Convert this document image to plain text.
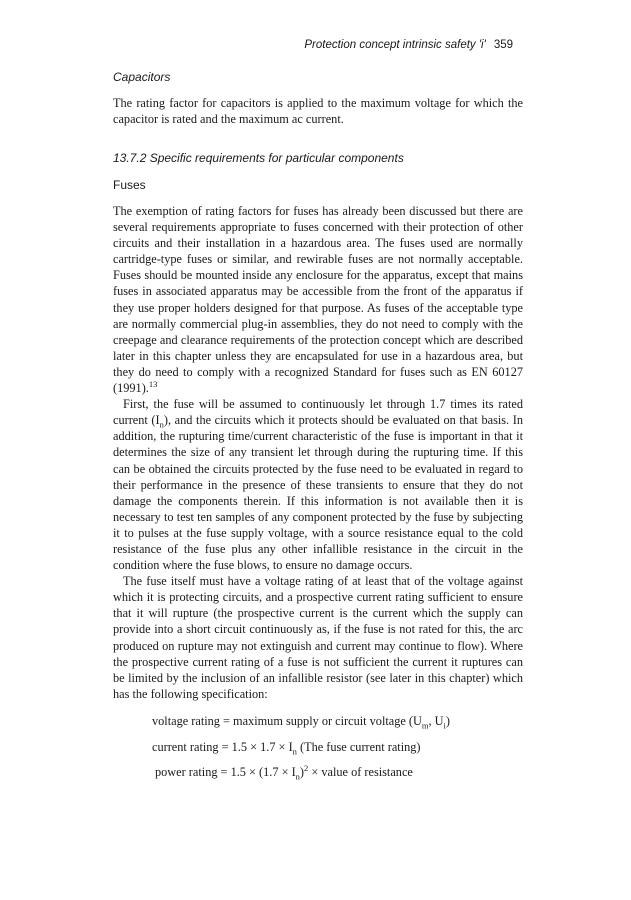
Protection concept intrinsic safety 'i' 359
Capacitors

The rating factor for capacitors is applied to the maximum voltage for which the capacitor is rated and the maximum ac current.

13.7.2 Specific requirements for particular components
Fuses

The exemption of rating factors for fuses has already been discussed but there are several requirements appropriate to fuses concerned with their protection of other circuits and their installation in a hazardous area. The fuses used are normally cartridge-type fuses or similar, and rewirable fuses are not normally acceptable. Fuses should be mounted inside any enclosure for the apparatus, except that mains fuses in associated apparatus may be accessible from the front of the apparatus if they use proper holders designed for that purpose. As fuses of the acceptable type are normally commercial plug-in assemblies, they do not need to comply with the creepage and clearance requirements of the protection concept which are described later in this chapter unless they are encapsulated for use in a hazardous area, but they do need to comply with a recognized Standard for fuses such as EN 60127 (1991).$^{13}$

First, the fuse will be assumed to continuously let through 1.7 times its rated current $(I_n)$, and the circuits which it protects should be evaluated on that basis. In addition, the rupturing time/current characteristic of the fuse is important in that it determines the size of any transient let through during the rupturing time. If this can be obtained the circuits protected by the fuse need to be evaluated in regard to their performance in the presence of these transients to ensure that they do not damage the components therein. If this information is not available then it is necessary to test ten samples of any component protected by the fuse by subjecting it to pulses at the fuse supply voltage, with a source resistance equal to the cold resistance of the fuse plus any other infallible resistance in the circuit in the condition where the fuse blows, to ensure no damage occurs.

The fuse itself must have a voltage rating of at least that of the voltage against which it is protecting circuits, and a prospective current rating sufficient to ensure that it will rupture (the prospective current is the current which the supply can provide into a short circuit continuously as, if the fuse is not rated for this, the arc produced on rupture may not extinguish and current may continue to flow). Where the prospective current rating of a fuse is not sufficient the current it ruptures can be limited by the inclusion of an infallible resistor (see later in this chapter) which has the following specification:

voltage rating = maximum supply or circuit voltage ($U_m$, $U_i$)
current rating = $1.5 \times 1.7 \times I_n$ (The fuse current rating)
power rating = $1.5 \times (1.7 \times I_n)^2$ × value of resistance
